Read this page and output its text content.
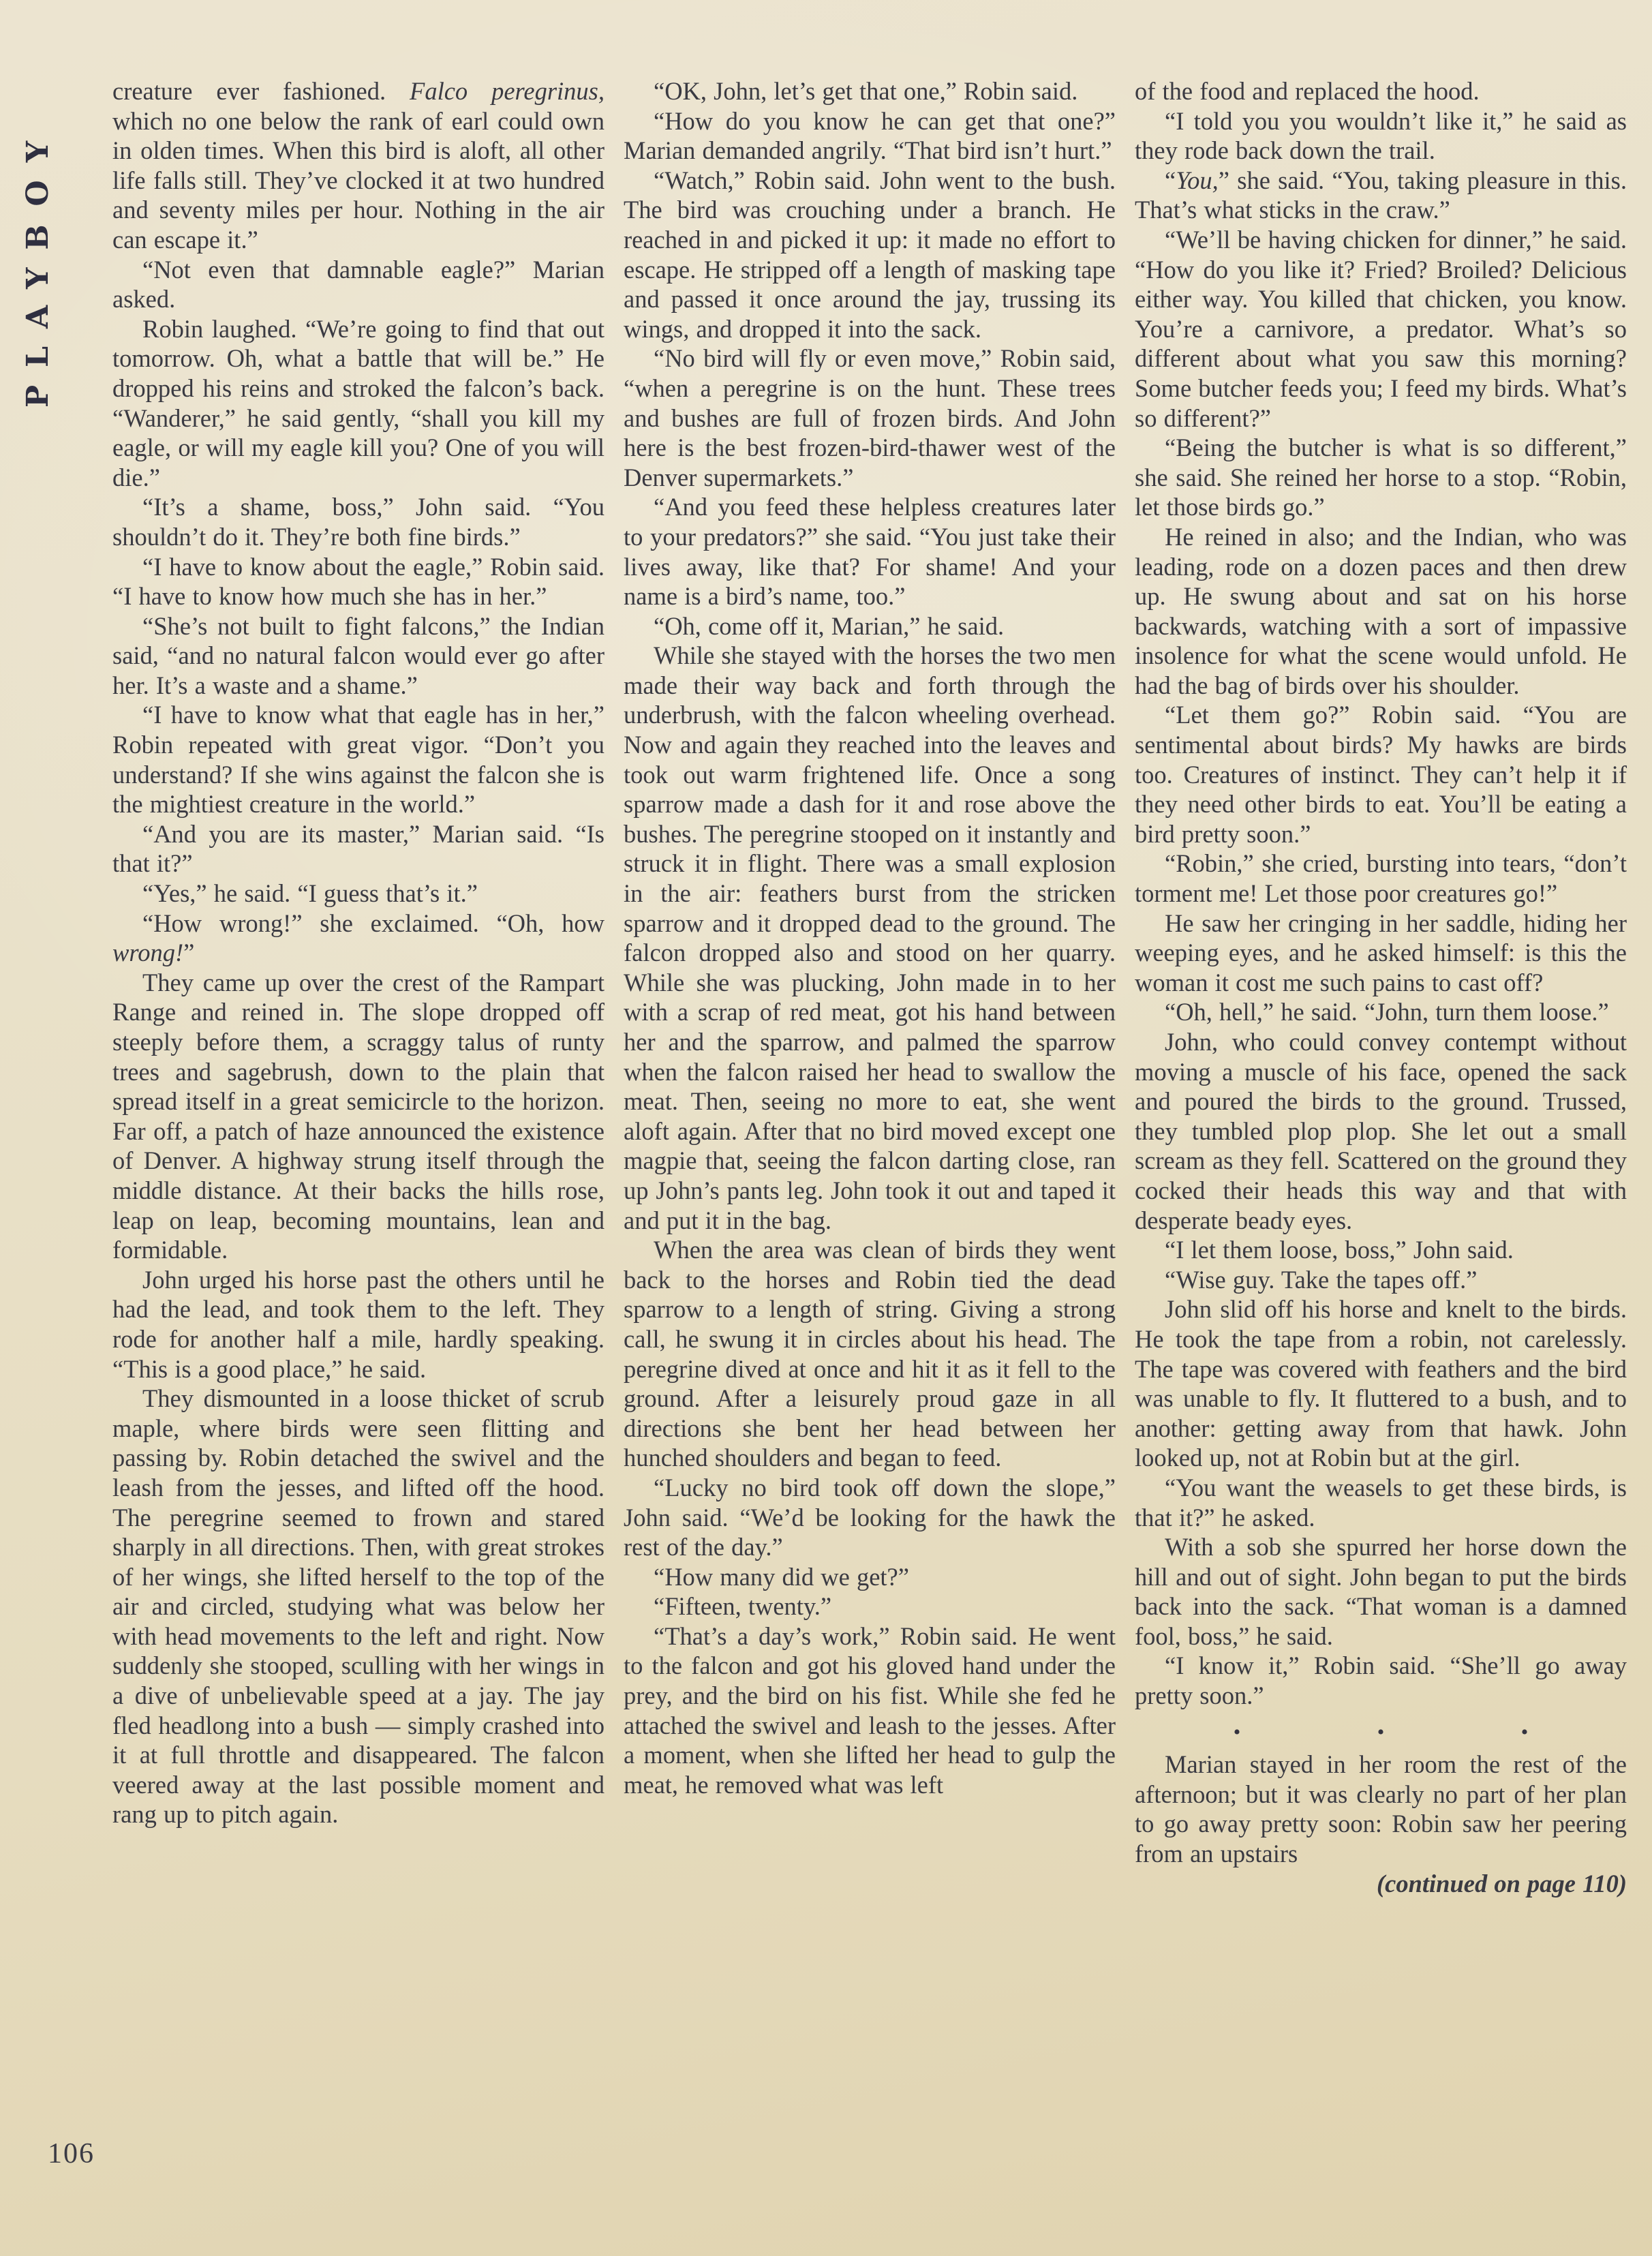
PLAYBOY

creature ever fashioned. Falco peregrinus, which no one below the rank of earl could own in olden times. When this bird is aloft, all other life falls still. They’ve clocked it at two hundred and seventy miles per hour. Nothing in the air can escape it.”

“Not even that damnable eagle?” Marian asked.

Robin laughed. “We’re going to find that out tomorrow. Oh, what a battle that will be.” He dropped his reins and stroked the falcon’s back. “Wanderer,” he said gently, “shall you kill my eagle, or will my eagle kill you? One of you will die.”

“It’s a shame, boss,” John said. “You shouldn’t do it. They’re both fine birds.”

“I have to know about the eagle,” Robin said. “I have to know how much she has in her.”

“She’s not built to fight falcons,” the Indian said, “and no natural falcon would ever go after her. It’s a waste and a shame.”

“I have to know what that eagle has in her,” Robin repeated with great vigor. “Don’t you understand? If she wins against the falcon she is the mightiest creature in the world.”

“And you are its master,” Marian said. “Is that it?”

“Yes,” he said. “I guess that’s it.”

“How wrong!” she exclaimed. “Oh, how wrong!”

They came up over the crest of the Rampart Range and reined in. The slope dropped off steeply before them, a scraggy talus of runty trees and sagebrush, down to the plain that spread itself in a great semicircle to the horizon. Far off, a patch of haze announced the existence of Denver. A highway strung itself through the middle distance. At their backs the hills rose, leap on leap, becoming mountains, lean and formidable.

John urged his horse past the others until he had the lead, and took them to the left. They rode for another half a mile, hardly speaking. “This is a good place,” he said.

They dismounted in a loose thicket of scrub maple, where birds were seen flitting and passing by. Robin detached the swivel and the leash from the jesses, and lifted off the hood. The peregrine seemed to frown and stared sharply in all directions. Then, with great strokes of her wings, she lifted herself to the top of the air and circled, studying what was below her with head movements to the left and right. Now suddenly she stooped, sculling with her wings in a dive of unbelievable speed at a jay. The jay fled headlong into a bush — simply crashed into it at full throttle and disappeared. The falcon veered away at the last possible moment and rang up to pitch again.

“OK, John, let’s get that one,” Robin said.

“How do you know he can get that one?” Marian demanded angrily. “That bird isn’t hurt.”

“Watch,” Robin said. John went to the bush. The bird was crouching under a branch. He reached in and picked it up: it made no effort to escape. He stripped off a length of masking tape and passed it once around the jay, trussing its wings, and dropped it into the sack.

“No bird will fly or even move,” Robin said, “when a peregrine is on the hunt. These trees and bushes are full of frozen birds. And John here is the best frozen-bird-thawer west of the Denver supermarkets.”

“And you feed these helpless creatures later to your predators?” she said. “You just take their lives away, like that? For shame! And your name is a bird’s name, too.”

“Oh, come off it, Marian,” he said.

While she stayed with the horses the two men made their way back and forth through the underbrush, with the falcon wheeling overhead. Now and again they reached into the leaves and took out warm frightened life. Once a song sparrow made a dash for it and rose above the bushes. The peregrine stooped on it instantly and struck it in flight. There was a small explosion in the air: feathers burst from the stricken sparrow and it dropped dead to the ground. The falcon dropped also and stood on her quarry. While she was plucking, John made in to her with a scrap of red meat, got his hand between her and the sparrow, and palmed the sparrow when the falcon raised her head to swallow the meat. Then, seeing no more to eat, she went aloft again. After that no bird moved except one magpie that, seeing the falcon darting close, ran up John’s pants leg. John took it out and taped it and put it in the bag.

When the area was clean of birds they went back to the horses and Robin tied the dead sparrow to a length of string. Giving a strong call, he swung it in circles about his head. The peregrine dived at once and hit it as it fell to the ground. After a leisurely proud gaze in all directions she bent her head between her hunched shoulders and began to feed.

“Lucky no bird took off down the slope,” John said. “We’d be looking for the hawk the rest of the day.”

“How many did we get?”

“Fifteen, twenty.”

“That’s a day’s work,” Robin said. He went to the falcon and got his gloved hand under the prey, and the bird on his fist. While she fed he attached the swivel and leash to the jesses. After a moment, when she lifted her head to gulp the meat, he removed what was left

of the food and replaced the hood.

“I told you you wouldn’t like it,” he said as they rode back down the trail.

“You,” she said. “You, taking pleasure in this. That’s what sticks in the craw.”

“We’ll be having chicken for dinner,” he said. “How do you like it? Fried? Broiled? Delicious either way. You killed that chicken, you know. You’re a carnivore, a predator. What’s so different about what you saw this morning? Some butcher feeds you; I feed my birds. What’s so different?”

“Being the butcher is what is so different,” she said. She reined her horse to a stop. “Robin, let those birds go.”

He reined in also; and the Indian, who was leading, rode on a dozen paces and then drew up. He swung about and sat on his horse backwards, watching with a sort of impassive insolence for what the scene would unfold. He had the bag of birds over his shoulder.

“Let them go?” Robin said. “You are sentimental about birds? My hawks are birds too. Creatures of instinct. They can’t help it if they need other birds to eat. You’ll be eating a bird pretty soon.”

“Robin,” she cried, bursting into tears, “don’t torment me! Let those poor creatures go!”

He saw her cringing in her saddle, hiding her weeping eyes, and he asked himself: is this the woman it cost me such pains to cast off?

“Oh, hell,” he said. “John, turn them loose.”

John, who could convey contempt without moving a muscle of his face, opened the sack and poured the birds to the ground. Trussed, they tumbled plop plop. She let out a small scream as they fell. Scattered on the ground they cocked their heads this way and that with desperate beady eyes.

“I let them loose, boss,” John said.

“Wise guy. Take the tapes off.”

John slid off his horse and knelt to the birds. He took the tape from a robin, not carelessly. The tape was covered with feathers and the bird was unable to fly. It fluttered to a bush, and to another: getting away from that hawk. John looked up, not at Robin but at the girl.

“You want the weasels to get these birds, is that it?” he asked.

With a sob she spurred her horse down the hill and out of sight. John began to put the birds back into the sack. “That woman is a damned fool, boss,” he said.

“I know it,” Robin said. “She’ll go away pretty soon.”

• • •

Marian stayed in her room the rest of the afternoon; but it was clearly no part of her plan to go away pretty soon: Robin saw her peering from an upstairs

(continued on page 110)

106
